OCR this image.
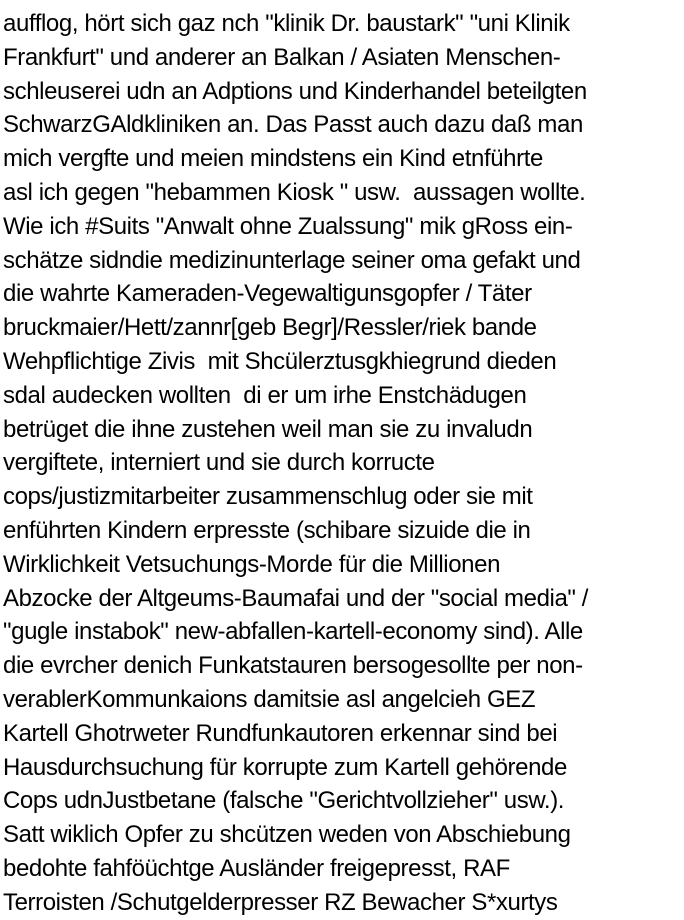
aufflog, hört sich gaz nch "klinik Dr. baustark" "uni Klinik
Frankfurt" und anderer an Balkan / Asiaten Menschen-
schleuserei udn an Adptions und Kinderhandel beteilgten
SchwarzGAldkliniken an. Das Passt auch dazu daß man
mich vergfte und meien mindstens ein Kind etnführte
asl ich gegen "hebammen Kiosk " usw.  aussagen wollte.
Wie ich #Suits "Anwalt ohne Zualssung" mik gRoss ein-
schätze sidndie medizinunterlage seiner oma gefakt und
die wahrte Kameraden-Vegewaltigunsgopfer / Täter
bruckmaier/Hett/zannr[geb Begr]/Ressler/riek bande
Wehpflichtige Zivis  mit Shcülerztusgkhiegrund dieden
sdal audecken wollten  di er um irhe Enstchädugen
betrüget die ihne zustehen weil man sie zu invaludn
vergiftete, interniert und sie durch korructe
cops/justizmitarbeiter zusammenschlug oder sie mit
enführten Kindern erpresste (schibare sizuide die in
Wirklichkeit Vetsuchungs-Morde für die Millionen
Abzocke der Altgeums-Baumafai und der "social media" /
"gugle instabok" new-abfallen-kartell-economy sind). Alle
die evrcher denich Funkatstauren bersogesollte per non-
verablerKommunkaions damitsie asl angelcieh GEZ
Kartell Ghotrweter Rundfunkautoren erkennar sind bei
Hausdurchsuchung für korrupte zum Kartell gehörende
Cops udnJustbetane (falsche "Gerichtvollzieher" usw.).
Satt wiklich Opfer zu shcützen weden von Abschiebung
bedohte fahföüchtge Ausländer freigepresst, RAF
Terroisten /Schutgelderpresser RZ Bewacher S*xurtys
